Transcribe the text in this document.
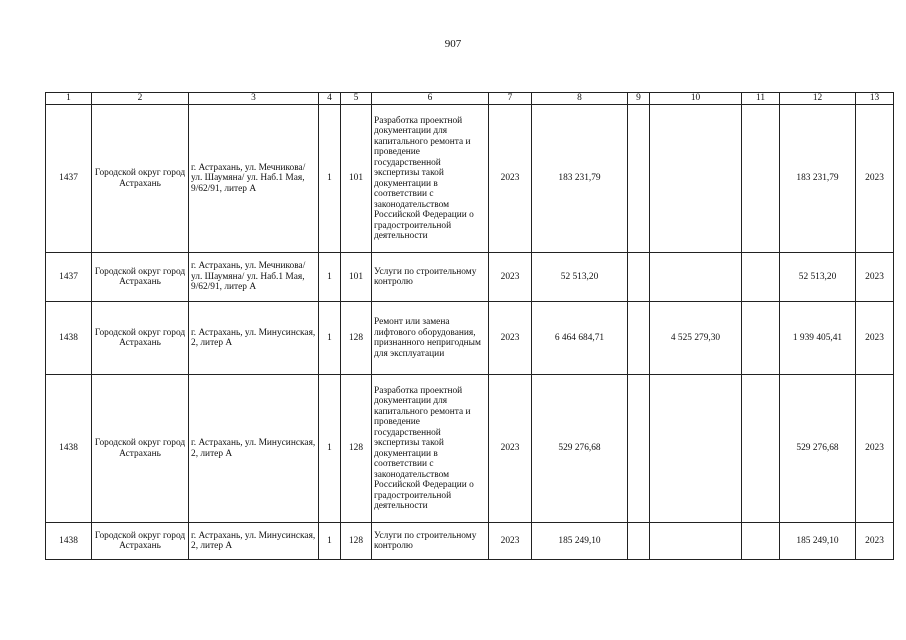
907
1	2	3	4	5	6	7	8	9	10	11	12	13
1437	Городской округ город Астрахань	г. Астрахань, ул. Мечникова/ ул. Шаумяна/ ул. Наб.1 Мая, 9/62/91, литер А	1	101	Разработка проектной документации для капитального ремонта и проведение государственной экспертизы такой документации в соответствии с законодательством Российской Федерации о градостроительной деятельности	2023	183 231,79				183 231,79	2023
1437	Городской округ город Астрахань	г. Астрахань, ул. Мечникова/ ул. Шаумяна/ ул. Наб.1 Мая, 9/62/91, литер А	1	101	Услуги по строительному контролю	2023	52 513,20				52 513,20	2023
1438	Городской округ город Астрахань	г. Астрахань, ул. Минусинская, 2, литер А	1	128	Ремонт или замена лифтового оборудования, признанного непригодным для эксплуатации	2023	6 464 684,71		4 525 279,30		1 939 405,41	2023
1438	Городской округ город Астрахань	г. Астрахань, ул. Минусинская, 2, литер А	1	128	Разработка проектной документации для капитального ремонта и проведение государственной экспертизы такой документации в соответствии с законодательством Российской Федерации о градостроительной деятельности	2023	529 276,68				529 276,68	2023
1438	Городской округ город Астрахань	г. Астрахань, ул. Минусинская, 2, литер А	1	128	Услуги по строительному контролю	2023	185 249,10				185 249,10	2023
